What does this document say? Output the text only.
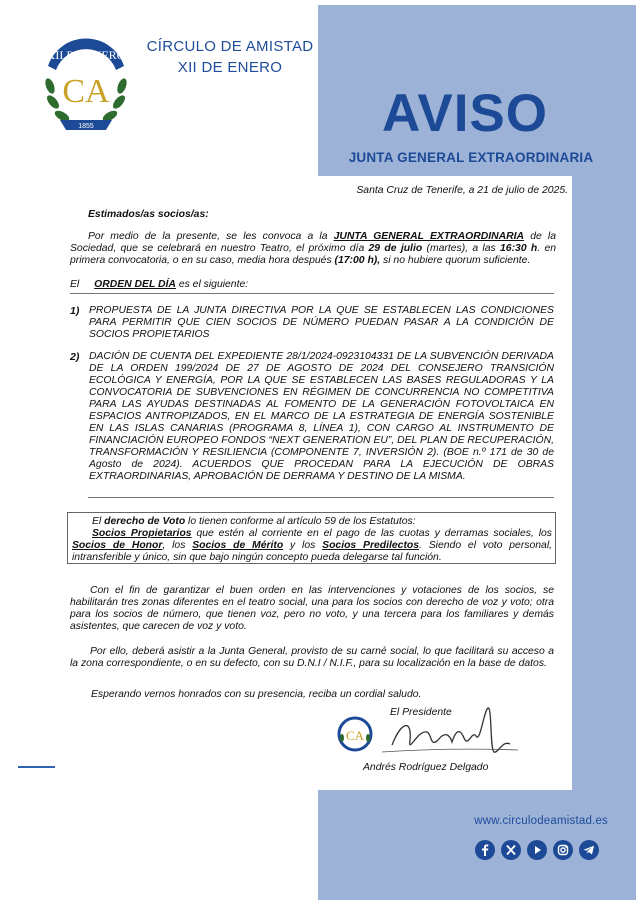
XII DE ENERO
CA
1855
CÍRCULO DE AMISTAD
XII DE ENERO
AVISO
JUNTA GENERAL EXTRAORDINARIA
Santa Cruz de Tenerife, a 21 de julio de 2025.
Estimados/as socios/as:
Por medio de la presente, se les convoca a la JUNTA GENERAL EXTRAORDINARIA de la Sociedad, que se celebrará en nuestro Teatro, el próximo día 29 de julio (martes), a las 16:30 h. en primera convocatoria, o en su caso, media hora después (17:00 h), si no hubiere quorum suficiente.
El ORDEN DEL DÍA es el siguiente:
1) PROPUESTA DE LA JUNTA DIRECTIVA POR LA QUE SE ESTABLECEN LAS CONDICIONES PARA PERMITIR QUE CIEN SOCIOS DE NÚMERO PUEDAN PASAR A LA CONDICIÓN DE SOCIOS PROPIETARIOS
2) DACIÓN DE CUENTA DEL EXPEDIENTE 28/1/2024-0923104331 DE LA SUBVENCIÓN DERIVADA DE LA ORDEN 199/2024 DE 27 DE AGOSTO DE 2024 DEL CONSEJERO TRANSICIÓN ECOLÓGICA Y ENERGÍA, POR LA QUE SE ESTABLECEN LAS BASES REGULADORAS Y LA CONVOCATORIA DE SUBVENCIONES EN RÉGIMEN DE CONCURRENCIA NO COMPETITIVA PARA LAS AYUDAS DESTINADAS AL FOMENTO DE LA GENERACIÓN FOTOVOLTAICA EN ESPACIOS ANTROPIZADOS, EN EL MARCO DE LA ESTRATEGIA DE ENERGÍA SOSTENIBLE EN LAS ISLAS CANARIAS (PROGRAMA 8, LÍNEA 1), CON CARGO AL INSTRUMENTO DE FINANCIACIÓN EUROPEO FONDOS “NEXT GENERATION EU”, DEL PLAN DE RECUPERACIÓN, TRANSFORMACIÓN Y RESILIENCIA (COMPONENTE 7, INVERSIÓN 2). (BOE n.º 171 de 30 de Agosto de 2024). ACUERDOS QUE PROCEDAN PARA LA EJECUCIÓN DE OBRAS EXTRAORDINARIAS, APROBACIÓN DE DERRAMA Y DESTINO DE LA MISMA.
El derecho de Voto lo tienen conforme al artículo 59 de los Estatutos:
Socios Propietarios que estén al corriente en el pago de las cuotas y derramas sociales, los Socios de Honor, los Socios de Mérito y los Socios Predilectos. Siendo el voto personal, intransferible y único, sin que bajo ningún concepto pueda delegarse tal función.
Con el fin de garantizar el buen orden en las intervenciones y votaciones de los socios, se habilitarán tres zonas diferentes en el teatro social, una para los socios con derecho de voz y voto; otra para los socios de número, que tienen voz, pero no voto, y una tercera para los familiares y demás asistentes, que carecen de voz y voto.
Por ello, deberá asistir a la Junta General, provisto de su carné social, lo que facilitará su acceso a la zona correspondiente, o en su defecto, con su D.N.I / N.I.F., para su localización en la base de datos.
Esperando vernos honrados con su presencia, reciba un cordial saludo.
El Presidente
CA
Andrés Rodríguez Delgado
www.circulodeamistad.es
